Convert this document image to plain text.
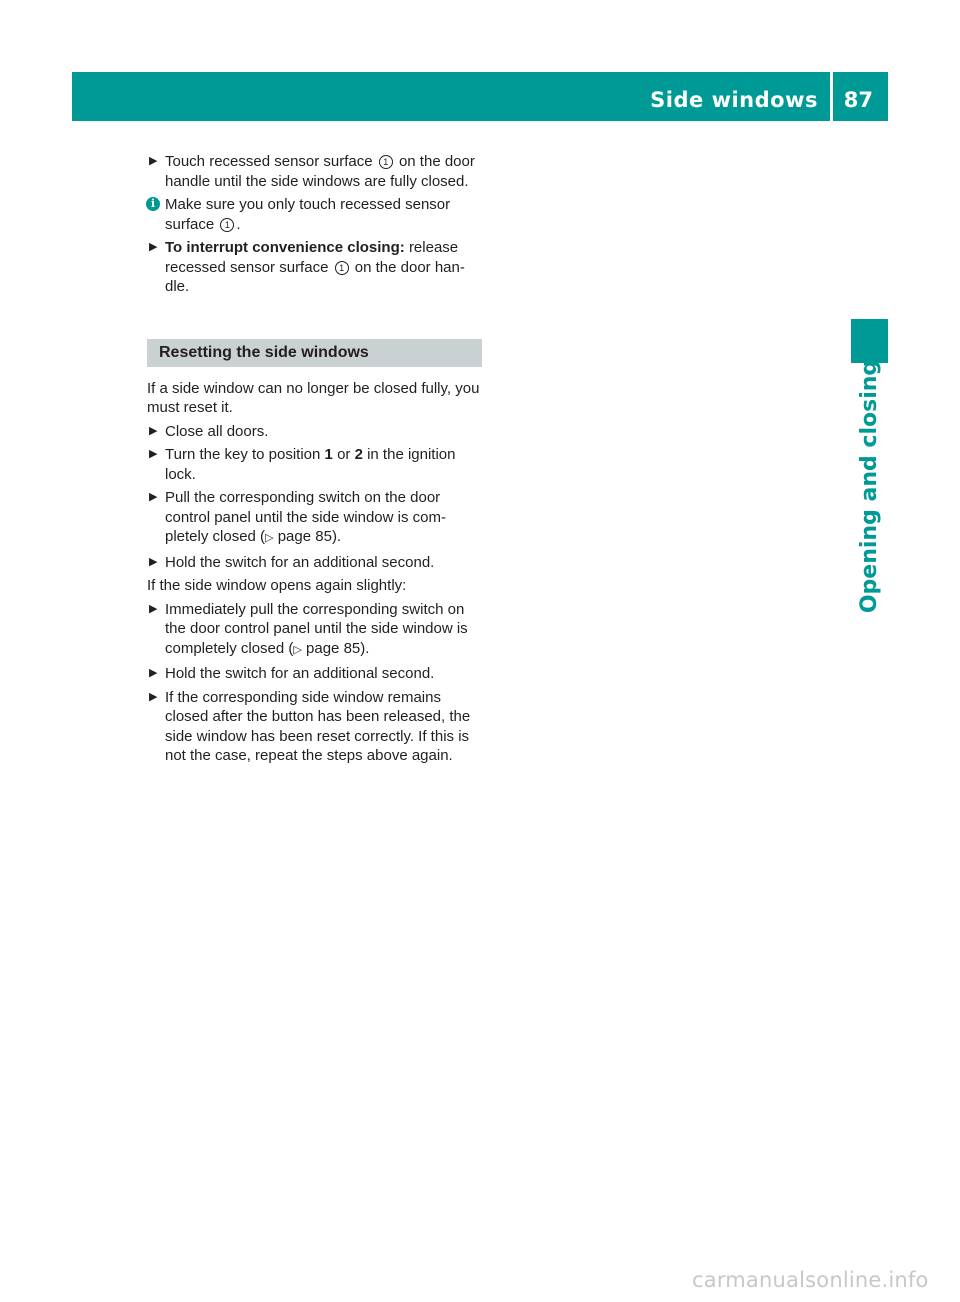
Side windows 87
Opening and closing
▶ Touch recessed sensor surface 1 on the door handle until the side windows are fully closed.
i Make sure you only touch recessed sensor surface 1 .
▶ To interrupt convenience closing: release recessed sensor surface 1 on the door han-dle.
Resetting the side windows

If a side window can no longer be closed fully, you must reset it.

▶ Close all doors.
▶ Turn the key to position 1 or 2 in the ignition lock.
▶ Pull the corresponding switch on the door control panel until the side window is com-pletely closed (▷ page 85).
▶ Hold the switch for an additional second.

If the side window opens again slightly:

▶ Immediately pull the corresponding switch on the door control panel until the side window is completely closed (▷ page 85).
▶ Hold the switch for an additional second.
▶ If the corresponding side window remains closed after the button has been released, the side window has been reset correctly. If this is not the case, repeat the steps above again.
carmanualsonline.info
